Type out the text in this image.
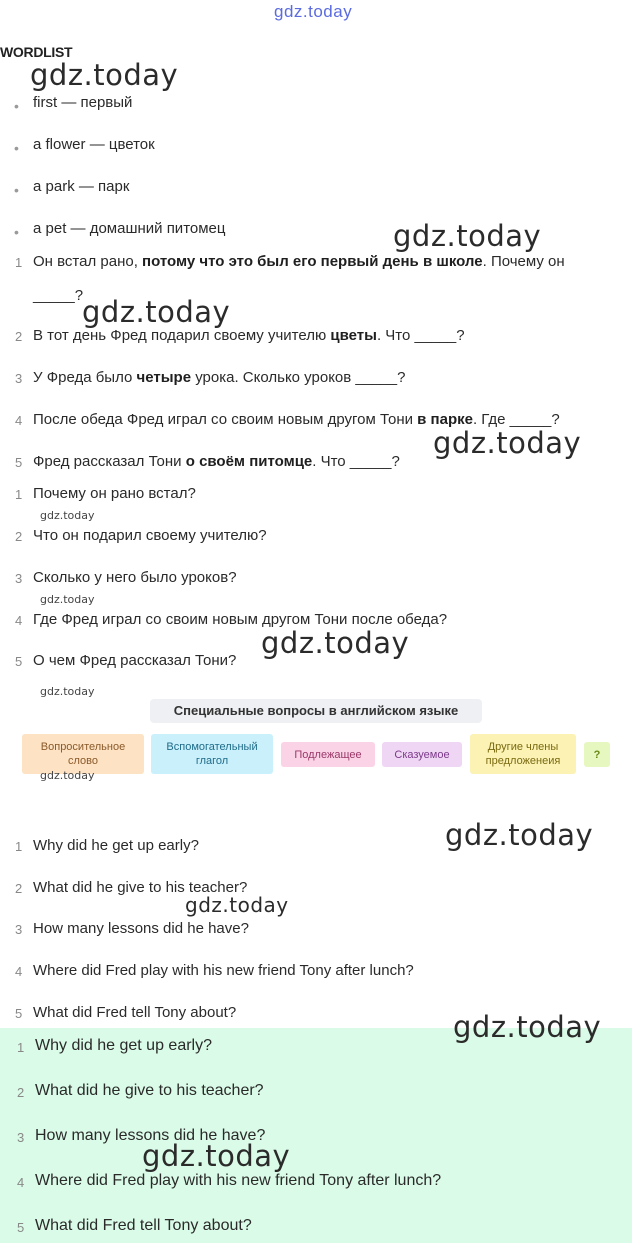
gdz.today
WORDLIST
• first — первый
• a flower — цветок
• a park — парк
• a pet — домашний питомец
1 Он встал рано, потому что это был его первый день в школе. Почему он
_____?
2 В тот день Фред подарил своему учителю цветы. Что _____?
3 У Фреда было четыре урока. Сколько уроков _____?
4 После обеда Фред играл со своим новым другом Тони в парке. Где _____?
5 Фред рассказал Тони о своём питомце. Что _____?
1 Почему он рано встал?
2 Что он подарил своему учителю?
3 Сколько у него было уроков?
4 Где Фред играл со своим новым другом Тони после обеда?
5 О чем Фред рассказал Тони?
Специальные вопросы в английском языке
Вопросительное слово
Вспомогательный глагол
Подлежащее	Сказуемое
Другие члены предложенеия
?
1 Why did he get up early?
2 What did he give to his teacher?
3 How many lessons did he have?
4 Where did Fred play with his new friend Tony after lunch?
5 What did Fred tell Tony about?
1 Why did he get up early?
2 What did he give to his teacher?
3 How many lessons did he have?
4 Where did Fred play with his new friend Tony after lunch?
5 What did Fred tell Tony about?
gdz.today
gdz.today
gdz.today
gdz.today
gdz.today
gdz.today
gdz.today
gdz.today
gdz.today
gdz.today
gdz.today
gdz.today
gdz.today
